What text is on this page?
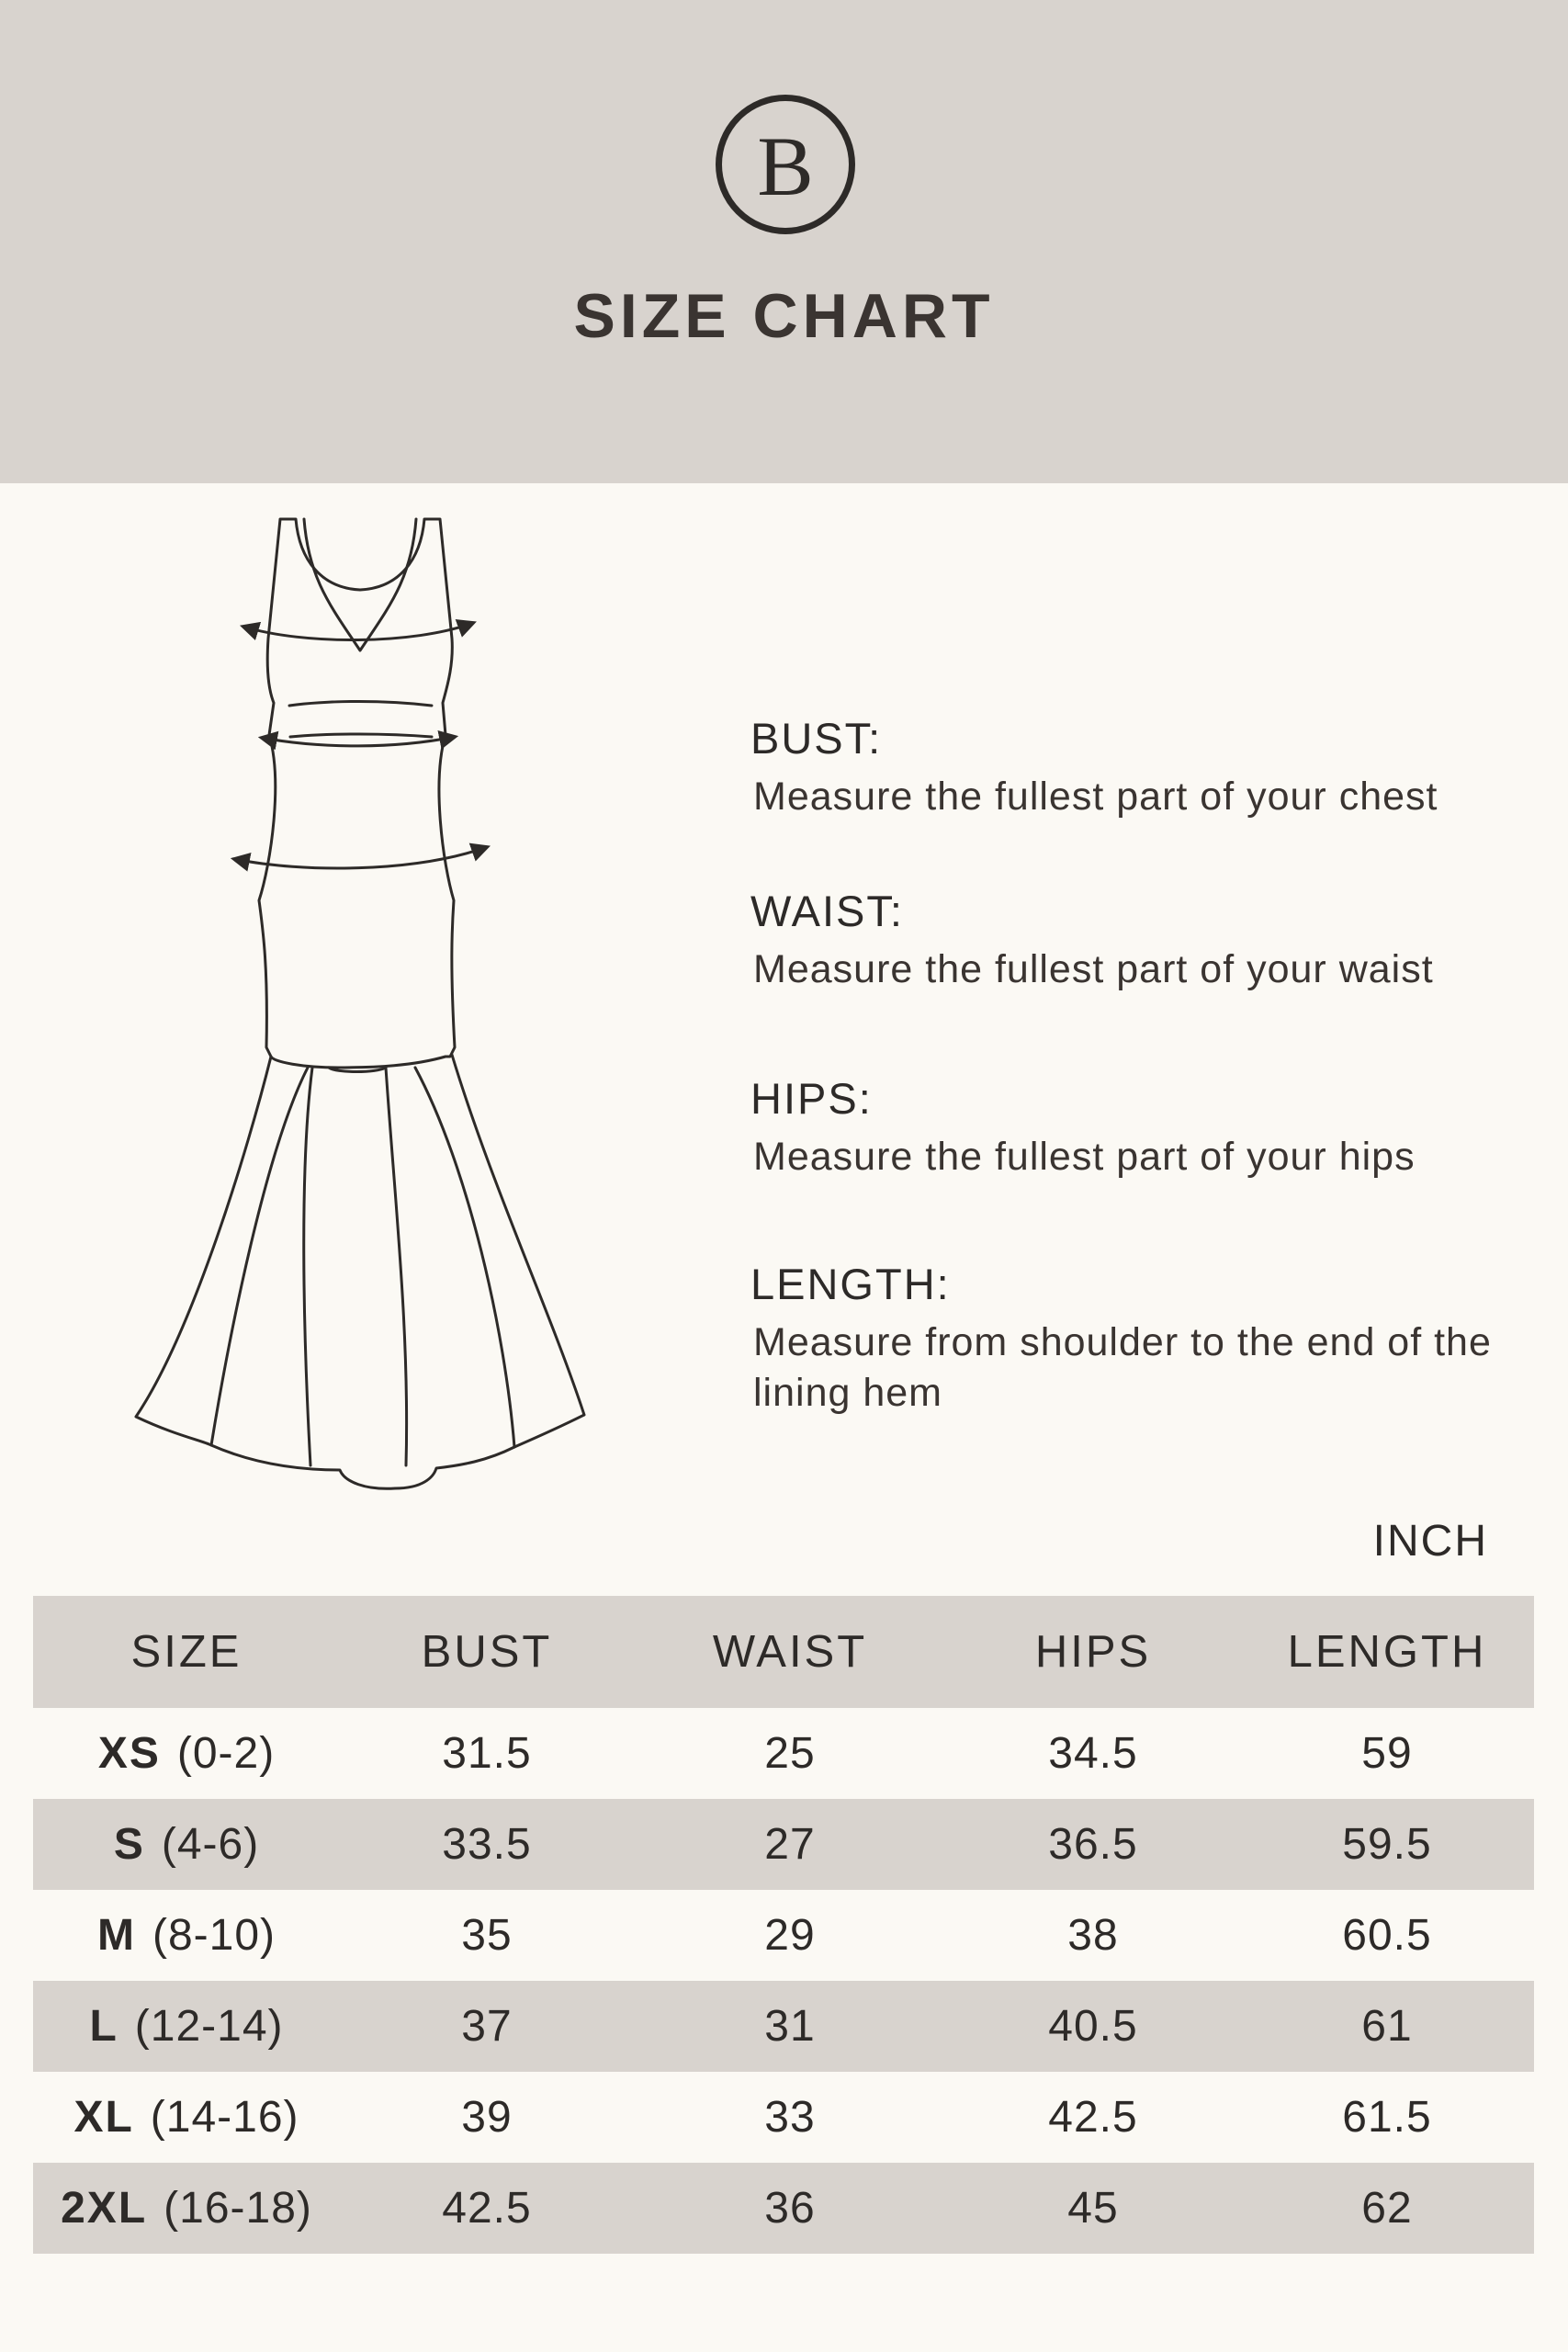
B
SIZE CHART
BUST:
Measure the fullest part of your chest
WAIST:
Measure the fullest part of your waist
HIPS:
Measure the fullest part of your hips
LENGTH:
Measure from shoulder to the end of the lining hem
INCH
SIZE	BUST	WAIST	HIPS	LENGTH
XS (0-2)	31.5	25	34.5	59
S (4-6)	33.5	27	36.5	59.5
M (8-10)	35	29	38	60.5
L (12-14)	37	31	40.5	61
XL (14-16)	39	33	42.5	61.5
2XL (16-18)	42.5	36	45	62
